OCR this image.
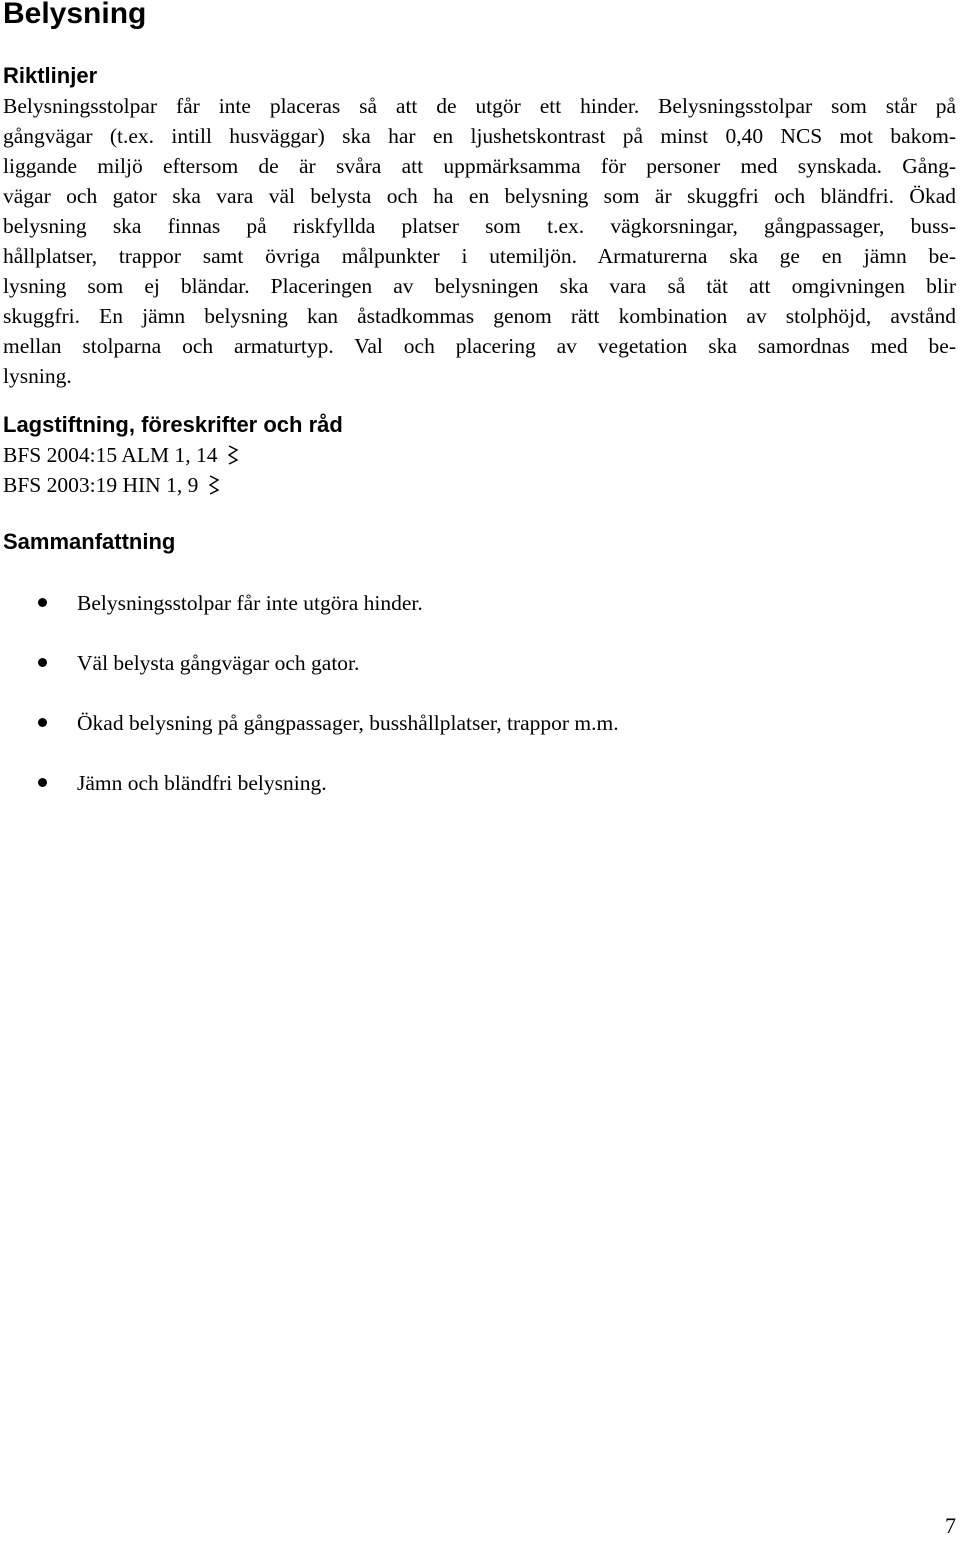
Belysning
Riktlinjer
Belysningsstolpar får inte placeras så att de utgör ett hinder. Belysningsstolpar som står på
gångvägar (t.ex. intill husväggar) ska har en ljushetskontrast på minst 0,40 NCS mot bakom-
liggande miljö eftersom de är svåra att uppmärksamma för personer med synskada. Gång-
vägar och gator ska vara väl belysta och ha en belysning som är skuggfri och bländfri. Ökad
belysning ska finnas på riskfyllda platser som t.ex. vägkorsningar, gångpassager, buss-
hållplatser, trappor samt övriga målpunkter i utemiljön. Armaturerna ska ge en jämn be-
lysning som ej bländar. Placeringen av belysningen ska vara så tät att omgivningen blir
skuggfri. En jämn belysning kan åstadkommas genom rätt kombination av stolphöjd, avstånd
mellan stolparna och armaturtyp. Val och placering av vegetation ska samordnas med be-
lysning.
Lagstiftning, föreskrifter och råd
BFS 2004:15 ALM 1, 14
BFS 2003:19 HIN 1, 9
Sammanfattning
Belysningsstolpar får inte utgöra hinder.
Väl belysta gångvägar och gator.
Ökad belysning på gångpassager, busshållplatser, trappor m.m.
Jämn och bländfri belysning.
7
